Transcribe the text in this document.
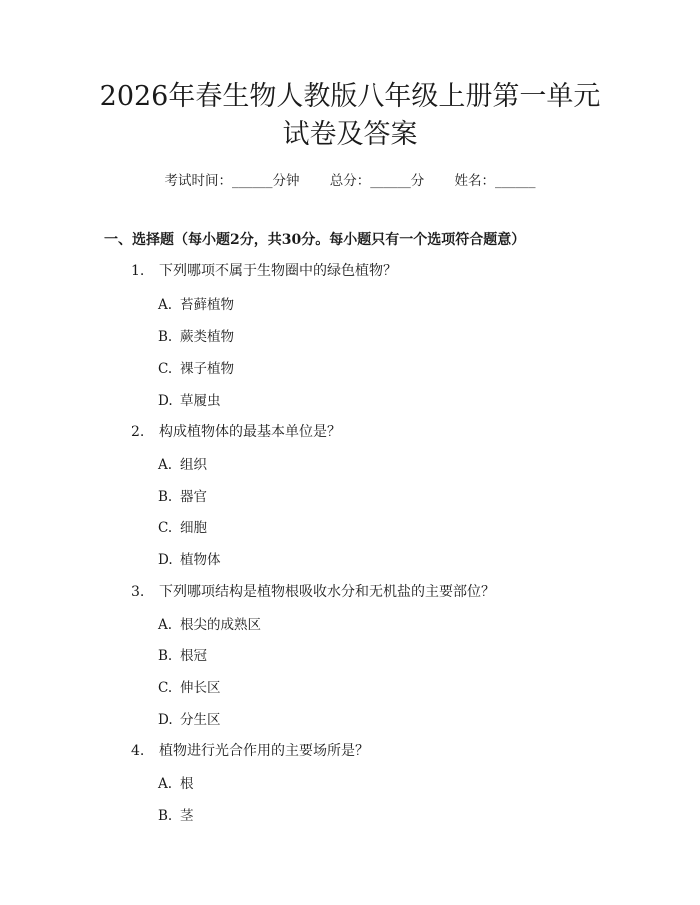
2026年春生物人教版八年级上册第一单元试卷及答案
考试时间：______分钟 总分：______分 姓名：______
一、选择题（每小题2分，共30分。每小题只有一个选项符合题意）
1. 下列哪项不属于生物圈中的绿色植物？
A. 苔藓植物
B. 蕨类植物
C. 裸子植物
D. 草履虫
2. 构成植物体的最基本单位是？
A. 组织
B. 器官
C. 细胞
D. 植物体
3. 下列哪项结构是植物根吸收水分和无机盐的主要部位？
A. 根尖的成熟区
B. 根冠
C. 伸长区
D. 分生区
4. 植物进行光合作用的主要场所是？
A. 根
B. 茎
